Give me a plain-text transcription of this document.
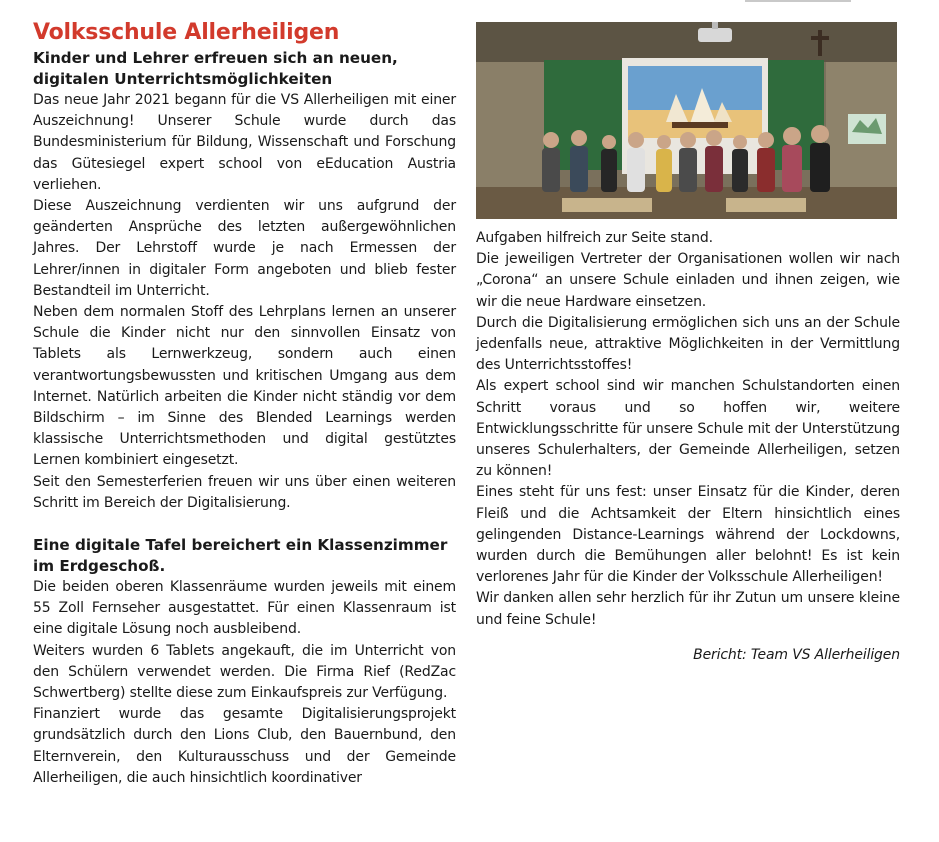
Volksschule Allerheiligen
Kinder und Lehrer erfreuen sich an neuen, digitalen Unterrichtsmöglichkeiten

Das neue Jahr 2021 begann für die VS Allerheiligen mit einer Auszeichnung! Unserer Schule wurde durch das Bundesministerium für Bildung, Wissenschaft und Forschung das Gütesiegel expert school von eEducation Austria verliehen.

Diese Auszeichnung verdienten wir uns aufgrund der geänderten Ansprüche des letzten außergewöhnlichen Jahres. Der Lehrstoff wurde je nach Ermessen der Lehrer/innen in digitaler Form angeboten und blieb fester Bestandteil im Unterricht.

Neben dem normalen Stoff des Lehrplans lernen an unserer Schule die Kinder nicht nur den sinnvollen Einsatz von Tablets als Lernwerkzeug, sondern auch einen verantwortungsbewussten und kritischen Umgang aus dem Internet. Natürlich arbeiten die Kinder nicht ständig vor dem Bildschirm – im Sinne des Blended Learnings werden klassische Unterrichtsmethoden und digital gestütztes Lernen kombiniert eingesetzt.

Seit den Semesterferien freuen wir uns über einen weiteren Schritt im Bereich der Digitalisierung.

Eine digitale Tafel bereichert ein Klassenzimmer im Erdgeschoß.

Die beiden oberen Klassenräume wurden jeweils mit einem 55 Zoll Fernseher ausgestattet. Für einen Klassenraum ist eine digitale Lösung noch ausbleibend.

Weiters wurden 6 Tablets angekauft, die im Unterricht von den Schülern verwendet werden. Die Firma Rief (RedZac Schwertberg) stellte diese zum Einkaufspreis zur Verfügung.

Finanziert wurde das gesamte Digitalisierungsprojekt grundsätzlich durch den Lions Club, den Bauernbund, den Elternverein, den Kulturausschuss und der Gemeinde Allerheiligen, die auch hinsichtlich koordinativer

Aufgaben hilfreich zur Seite stand.

Die jeweiligen Vertreter der Organisationen wollen wir nach „Corona“ an unsere Schule einladen und ihnen zeigen, wie wir die neue Hardware einsetzen.

Durch die Digitalisierung ermöglichen sich uns an der Schule jedenfalls neue, attraktive Möglichkeiten in der Vermittlung des Unterrichtsstoffes!

Als expert school sind wir manchen Schulstandorten einen Schritt voraus und so hoffen wir, weitere Entwicklungsschritte für unsere Schule mit der Unterstützung unseres Schulerhalters, der Gemeinde Allerheiligen, setzen zu können!

Eines steht für uns fest: unser Einsatz für die Kinder, deren Fleiß und die Achtsamkeit der Eltern hinsichtlich eines gelingenden Distance-Learnings während der Lockdowns, wurden durch die Bemühungen aller belohnt! Es ist kein verlorenes Jahr für die Kinder der Volksschule Allerheiligen!

Wir danken allen sehr herzlich für ihr Zutun um unsere kleine und feine Schule!

Bericht: Team VS Allerheiligen
